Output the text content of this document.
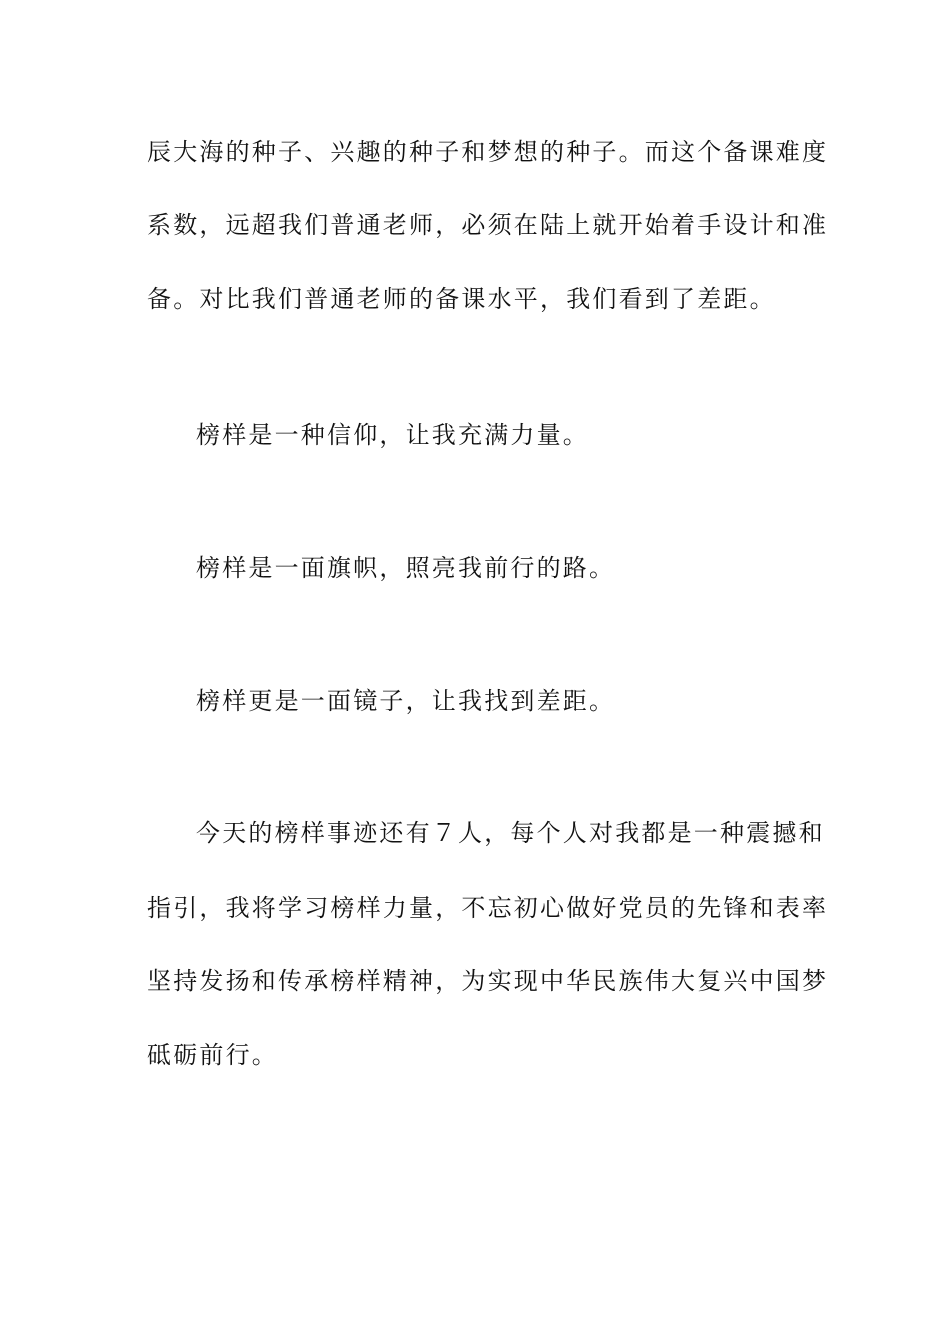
辰大海的种子、兴趣的种子和梦想的种子。而这个备课难度
系数，远超我们普通老师，必须在陆上就开始着手设计和准
备。对比我们普通老师的备课水平，我们看到了差距。
榜样是一种信仰，让我充满力量。
榜样是一面旗帜，照亮我前行的路。
榜样更是一面镜子，让我找到差距。
今天的榜样事迹还有７人，每个人对我都是一种震撼和
指引，我将学习榜样力量，不忘初心做好党员的先锋和表率
坚持发扬和传承榜样精神，为实现中华民族伟大复兴中国梦
砥砺前行。
